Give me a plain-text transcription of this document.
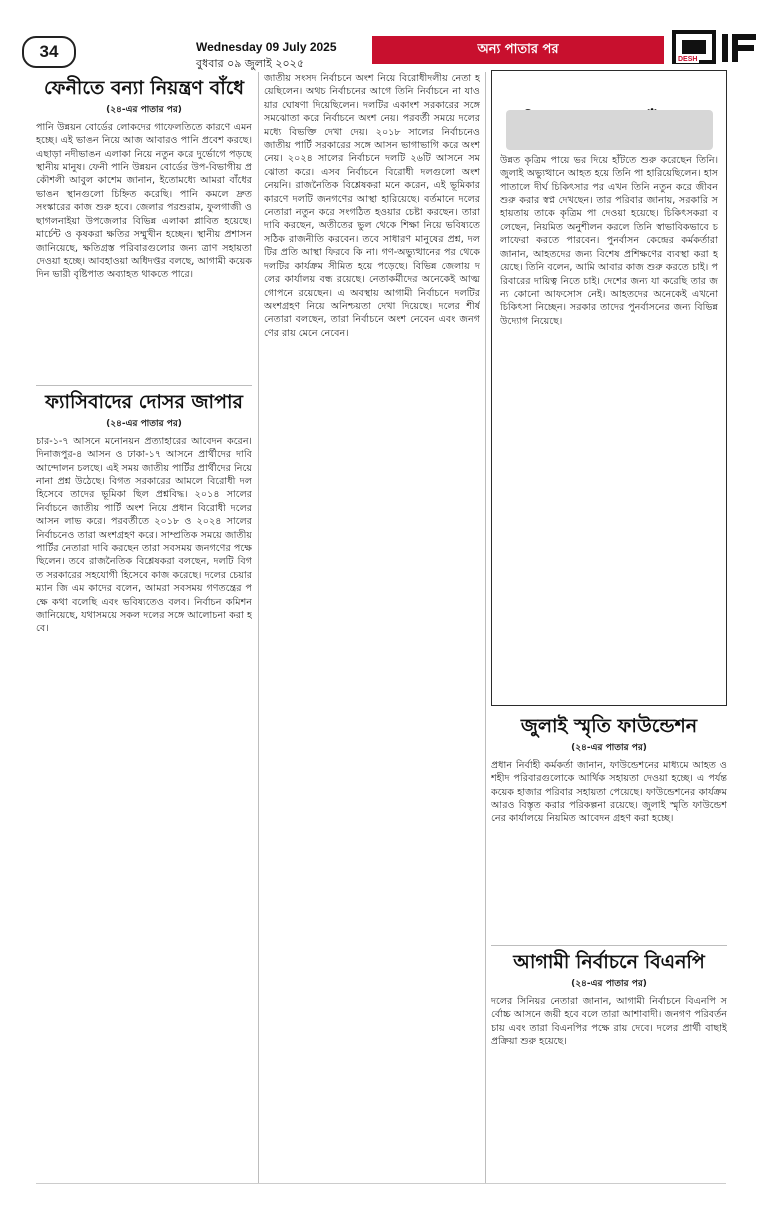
34	Wednesday 09 July 2025
বুধবার ০৯ জুলাই ২০২৫
অন্য পাতার পর
DESH
ফেনীতে বন্যা নিয়ন্ত্রণ বাঁধে
(২৪-এর পাতার পর)

পানি উন্নয়ন বোর্ডের লোকদের গাফেলতিতে কারণে এমন হচ্ছে। এই ভাঙন নিয়ে আজ আবারও পানি প্রবেশ করছে। এছাড়া নদীভাঙন এলাকা নিয়ে নতুন করে দুর্ভোগে পড়ছে স্থানীয় মানুষ। ফেনী পানি উন্নয়ন বোর্ডের উপ-বিভাগীয় প্রকৌশলী আবুল কাশেম জানান, ইতোমধ্যে আমরা বাঁধের ভাঙন স্থানগুলো চিহ্নিত করেছি। পানি কমলে দ্রুত সংস্কারের কাজ শুরু হবে। জেলার পরশুরাম, ফুলগাজী ও ছাগলনাইয়া উপজেলার বিভিন্ন এলাকা প্লাবিত হয়েছে। মার্চেন্ট ও কৃষকরা ক্ষতির সম্মুখীন হচ্ছেন। স্থানীয় প্রশাসন জানিয়েছে, ক্ষতিগ্রস্ত পরিবারগুলোর জন্য ত্রাণ সহায়তা দেওয়া হচ্ছে। আবহাওয়া অধিদপ্তর বলছে, আগামী কয়েক দিন ভারী বৃষ্টিপাত অব্যাহত থাকতে পারে।

ফ্যাসিবাদের দোসর জাপার
(২৪-এর পাতার পর)

চার-১-৭ আসনে মনোনয়ন প্রত্যাহারের আবেদন করেন। দিনাজপুর-৪ আসন ও ঢাকা-১৭ আসনে প্রার্থীদের দাবি আন্দোলন চলছে। এই সময় জাতীয় পার্টির প্রার্থীদের নিয়ে নানা প্রশ্ন উঠেছে। বিগত সরকারের আমলে বিরোধী দল হিসেবে তাদের ভূমিকা ছিল প্রশ্নবিদ্ধ। ২০১৪ সালের নির্বাচনে জাতীয় পার্টি অংশ নিয়ে প্রধান বিরোধী দলের আসন লাভ করে। পরবর্তীতে ২০১৮ ও ২০২৪ সালের নির্বাচনেও তারা অংশগ্রহণ করে। সাম্প্রতিক সময়ে জাতীয় পার্টির নেতারা দাবি করছেন তারা সবসময় জনগণের পক্ষে ছিলেন। তবে রাজনৈতিক বিশ্লেষকরা বলছেন, দলটি বিগত সরকারের সহযোগী হিসেবে কাজ করেছে। দলের চেয়ারম্যান জি এম কাদের বলেন, আমরা সবসময় গণতন্ত্রের পক্ষে কথা বলেছি এবং ভবিষ্যতেও বলব। নির্বাচন কমিশন জানিয়েছে, যথাসময়ে সকল দলের সঙ্গে আলোচনা করা হবে।

জাতীয় সংসদ নির্বাচনে অংশ নিয়ে বিরোধীদলীয় নেতা হয়েছিলেন। অথচ নির্বাচনের আগে তিনি নির্বাচনে না যাওয়ার ঘোষণা দিয়েছিলেন। দলটির একাংশ সরকারের সঙ্গে সমঝোতা করে নির্বাচনে অংশ নেয়। পরবর্তী সময়ে দলের মধ্যে বিভক্তি দেখা দেয়। ২০১৮ সালের নির্বাচনেও জাতীয় পার্টি সরকারের সঙ্গে আসন ভাগাভাগি করে অংশ নেয়। ২০২৪ সালের নির্বাচনে দলটি ২৬টি আসনে সমঝোতা করে। এসব নির্বাচনে বিরোধী দলগুলো অংশ নেয়নি। রাজনৈতিক বিশ্লেষকরা মনে করেন, এই ভূমিকার কারণে দলটি জনগণের আস্থা হারিয়েছে। বর্তমানে দলের নেতারা নতুন করে সংগঠিত হওয়ার চেষ্টা করছেন। তারা দাবি করছেন, অতীতের ভুল থেকে শিক্ষা নিয়ে ভবিষ্যতে সঠিক রাজনীতি করবেন। তবে সাধারণ মানুষের প্রশ্ন, দলটির প্রতি আস্থা ফিরবে কি না। গণ-অভ্যুত্থানের পর থেকে দলটির কার্যক্রম সীমিত হয়ে পড়েছে। বিভিন্ন জেলায় দলের কার্যালয় বন্ধ রয়েছে। নেতাকর্মীদের অনেকেই আত্মগোপনে রয়েছেন। এ অবস্থায় আগামী নির্বাচনে দলটির অংশগ্রহণ নিয়ে অনিশ্চয়তা দেখা দিয়েছে। দলের শীর্ষ নেতারা বলছেন, তারা নির্বাচনে অংশ নেবেন এবং জনগণের রায় মেনে নেবেন।

উন্নত কৃত্রিম পায়ে ভর দিয়ে হাঁটতে শুরু করেছেন তিনি। জুলাই অভ্যুত্থানে আহত হয়ে তিনি পা হারিয়েছিলেন। হাসপাতালে দীর্ঘ চিকিৎসার পর এখন তিনি নতুন করে জীবন শুরু করার স্বপ্ন দেখছেন। তার পরিবার জানায়, সরকারি সহায়তায় তাকে কৃত্রিম পা দেওয়া হয়েছে। চিকিৎসকরা বলেছেন, নিয়মিত অনুশীলন করলে তিনি স্বাভাবিকভাবে চলাফেরা করতে পারবেন। পুনর্বাসন কেন্দ্রের কর্মকর্তারা জানান, আহতদের জন্য বিশেষ প্রশিক্ষণের ব্যবস্থা করা হয়েছে। তিনি বলেন, আমি আবার কাজ শুরু করতে চাই। পরিবারের দায়িত্ব নিতে চাই। দেশের জন্য যা করেছি তার জন্য কোনো আফসোস নেই। আহতদের অনেকেই এখনো চিকিৎসা নিচ্ছেন। সরকার তাদের পুনর্বাসনের জন্য বিভিন্ন উদ্যোগ নিয়েছে।

জুলাই স্মৃতি ফাউন্ডেশন
(২৪-এর পাতার পর)

প্রধান নির্বাহী কর্মকর্তা জানান, ফাউন্ডেশনের মাধ্যমে আহত ও শহীদ পরিবারগুলোকে আর্থিক সহায়তা দেওয়া হচ্ছে। এ পর্যন্ত কয়েক হাজার পরিবার সহায়তা পেয়েছে। ফাউন্ডেশনের কার্যক্রম আরও বিস্তৃত করার পরিকল্পনা রয়েছে। জুলাই স্মৃতি ফাউন্ডেশনের কার্যালয়ে নিয়মিত আবেদন গ্রহণ করা হচ্ছে।

আগামী নির্বাচনে বিএনপি
(২৪-এর পাতার পর)

দলের সিনিয়র নেতারা জানান, আগামী নির্বাচনে বিএনপি সর্বোচ্চ আসনে জয়ী হবে বলে তারা আশাবাদী। জনগণ পরিবর্তন চায় এবং তারা বিএনপির পক্ষে রায় দেবে। দলের প্রার্থী বাছাই প্রক্রিয়া শুরু হয়েছে।
